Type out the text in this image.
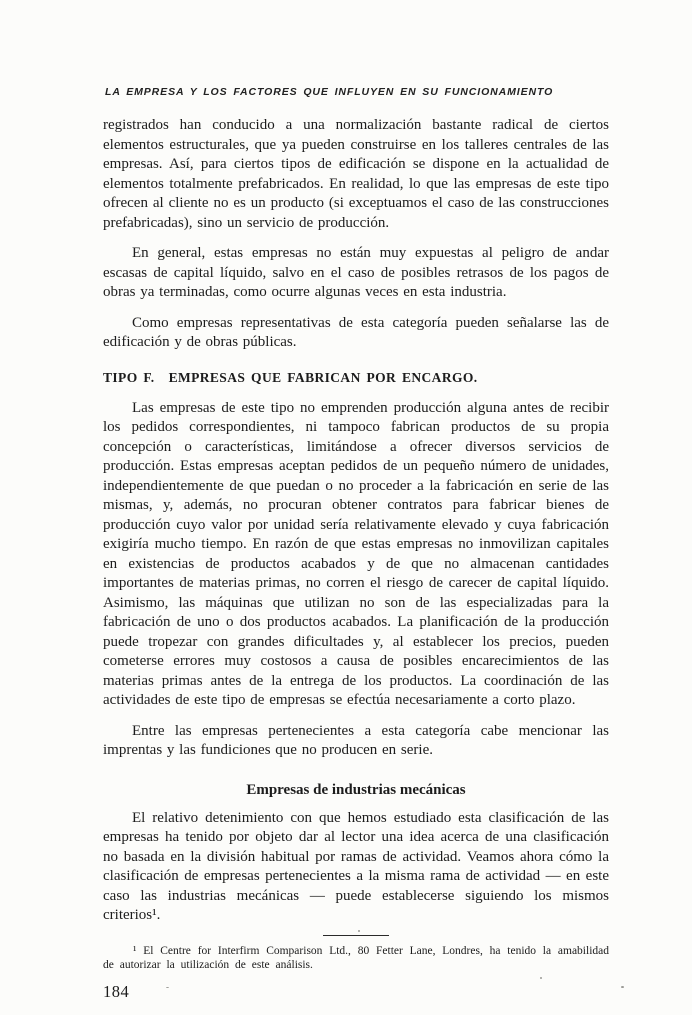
LA EMPRESA Y LOS FACTORES QUE INFLUYEN EN SU FUNCIONAMIENTO

registrados han conducido a una normalización bastante radical de ciertos elementos estructurales, que ya pueden construirse en los talleres centrales de las empresas. Así, para ciertos tipos de edificación se dispone en la actualidad de elementos totalmente prefabricados. En realidad, lo que las empresas de este tipo ofrecen al cliente no es un producto (si exceptuamos el caso de las construcciones prefabricadas), sino un servicio de producción.

En general, estas empresas no están muy expuestas al peligro de andar escasas de capital líquido, salvo en el caso de posibles retrasos de los pagos de obras ya terminadas, como ocurre algunas veces en esta industria.

Como empresas representativas de esta categoría pueden señalarse las de edificación y de obras públicas.

TIPO F. EMPRESAS QUE FABRICAN POR ENCARGO.

Las empresas de este tipo no emprenden producción alguna antes de recibir los pedidos correspondientes, ni tampoco fabrican productos de su propia concepción o características, limitándose a ofrecer diversos servicios de producción. Estas empresas aceptan pedidos de un pequeño número de unidades, independientemente de que puedan o no proceder a la fabricación en serie de las mismas, y, además, no procuran obtener contratos para fabricar bienes de producción cuyo valor por unidad sería relativamente elevado y cuya fabricación exigiría mucho tiempo. En razón de que estas empresas no inmovilizan capitales en existencias de productos acabados y de que no almacenan cantidades importantes de materias primas, no corren el riesgo de carecer de capital líquido. Asimismo, las máquinas que utilizan no son de las especializadas para la fabricación de uno o dos productos acabados. La planificación de la producción puede tropezar con grandes dificultades y, al establecer los precios, pueden cometerse errores muy costosos a causa de posibles encarecimientos de las materias primas antes de la entrega de los productos. La coordinación de las actividades de este tipo de empresas se efectúa necesariamente a corto plazo.

Entre las empresas pertenecientes a esta categoría cabe mencionar las imprentas y las fundiciones que no producen en serie.

Empresas de industrias mecánicas

El relativo detenimiento con que hemos estudiado esta clasificación de las empresas ha tenido por objeto dar al lector una idea acerca de una clasificación no basada en la división habitual por ramas de actividad. Veamos ahora cómo la clasificación de empresas pertenecientes a la misma rama de actividad — en este caso las industrias mecánicas — puede establecerse siguiendo los mismos criterios¹.

¹ El Centre for Interfirm Comparison Ltd., 80 Fetter Lane, Londres, ha tenido la amabilidad de autorizar la utilización de este análisis.
184
